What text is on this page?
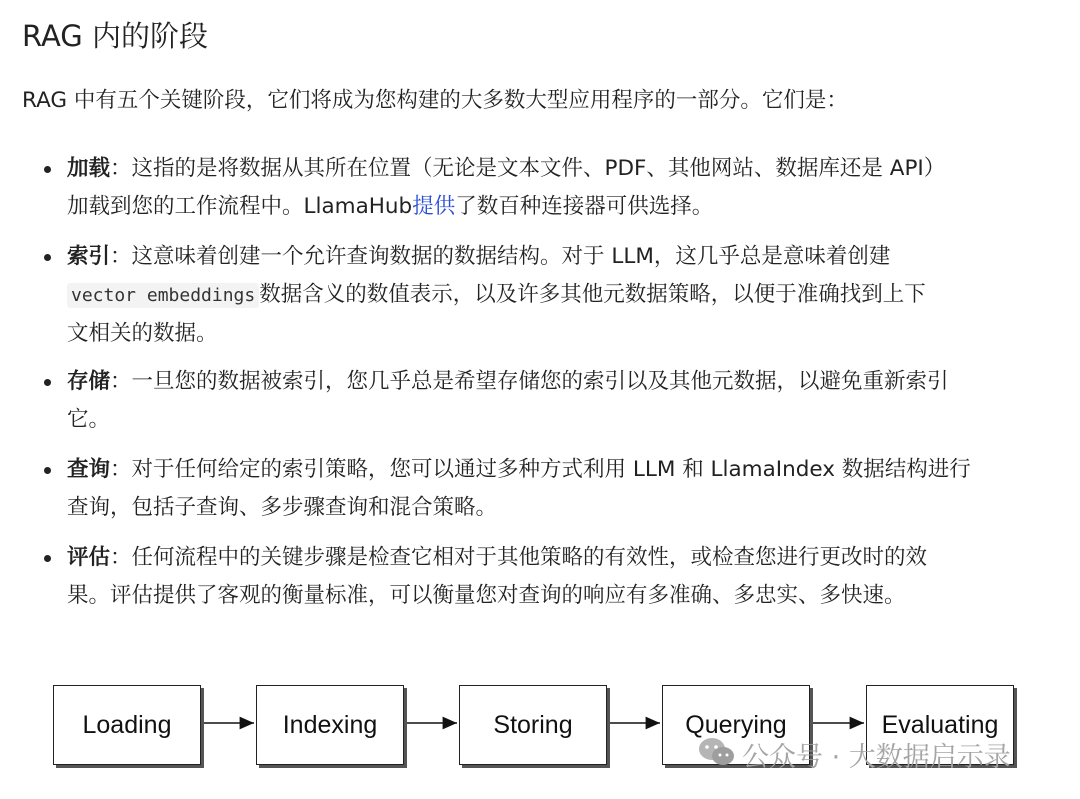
RAG 内的阶段
RAG 中有五个关键阶段，它们将成为您构建的大多数大型应用程序的一部分。它们是：
加载：这指的是将数据从其所在位置（无论是文本文件、PDF、其他网站、数据库还是 API）
加载到您的工作流程中。LlamaHub提供了数百种连接器可供选择。
索引：这意味着创建一个允许查询数据的数据结构。对于 LLM，这几乎总是意味着创建
vector embeddings 数据含义的数值表示，以及许多其他元数据策略，以便于准确找到上下
文相关的数据。
存储：一旦您的数据被索引，您几乎总是希望存储您的索引以及其他元数据，以避免重新索引
它。
查询：对于任何给定的索引策略，您可以通过多种方式利用 LLM 和 LlamaIndex 数据结构进行
查询，包括子查询、多步骤查询和混合策略。
评估：任何流程中的关键步骤是检查它相对于其他策略的有效性，或检查您进行更改时的效
果。评估提供了客观的衡量标准，可以衡量您对查询的响应有多准确、多忠实、多快速。
Loading	Indexing	Storing	Querying	Evaluating
公众号 · 大数据启示录
